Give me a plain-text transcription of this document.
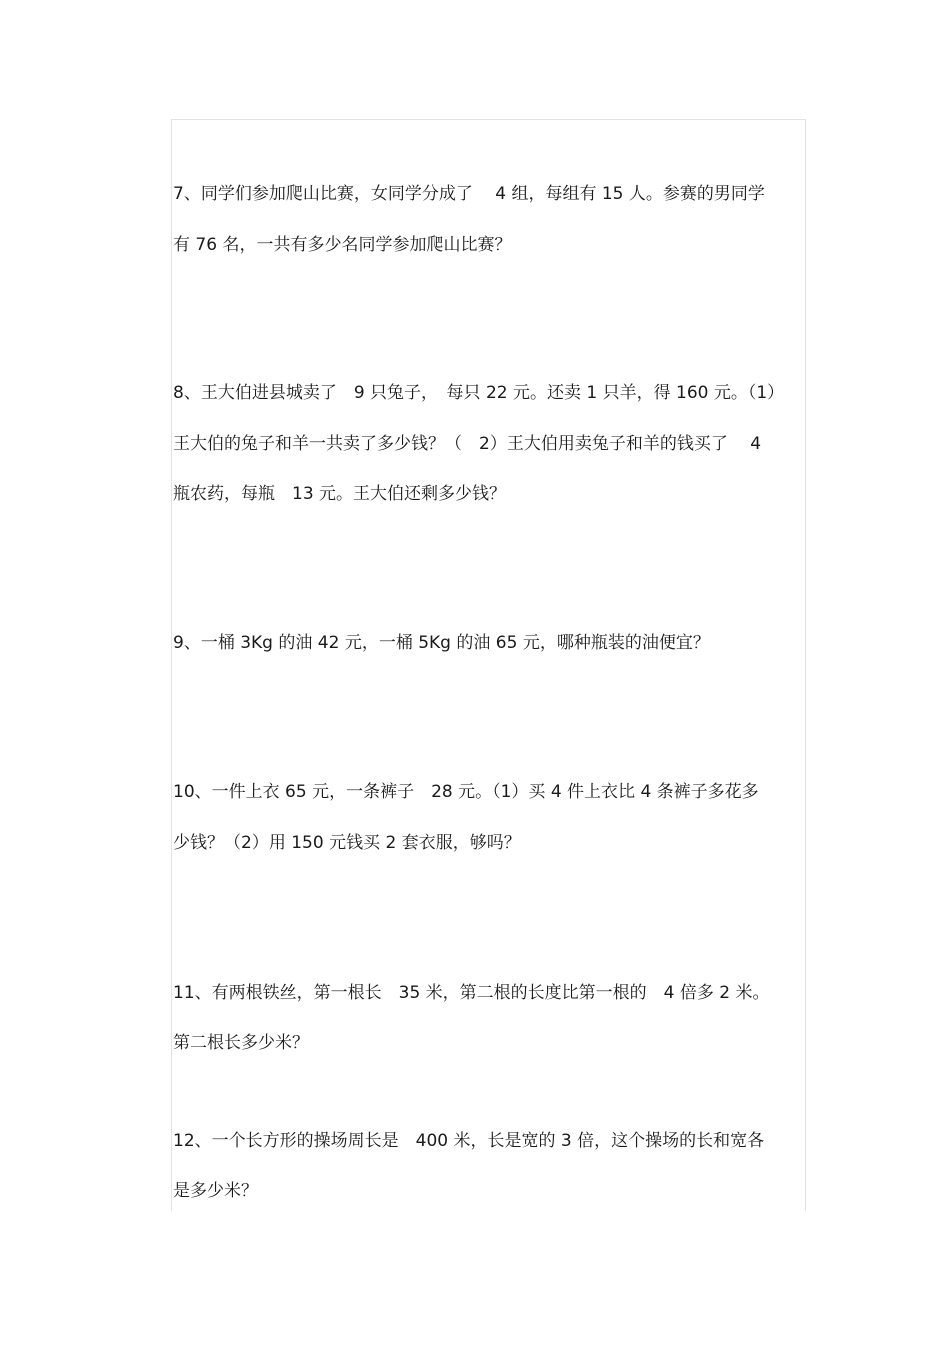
7、同学们参加爬山比赛，女同学分成了　 4 组，每组有 15 人。参赛的男同学
有 76 名，一共有多少名同学参加爬山比赛？
8、王大伯进县城卖了　9 只兔子，　每只 22 元。还卖 1 只羊，得 160 元。（1）
王大伯的兔子和羊一共卖了多少钱？（　2）王大伯用卖兔子和羊的钱买了　 4
瓶农药，每瓶　13 元。王大伯还剩多少钱？
9、一桶 3Kg 的油 42 元，一桶 5Kg 的油 65 元，哪种瓶装的油便宜？
10、一件上衣 65 元，一条裤子　28 元。（1）买 4 件上衣比 4 条裤子多花多
少钱？（2）用 150 元钱买 2 套衣服，够吗？
11、有两根铁丝，第一根长　35 米，第二根的长度比第一根的　4 倍多 2 米。
第二根长多少米？
12、一个长方形的操场周长是　400 米，长是宽的 3 倍，这个操场的长和宽各
是多少米？
